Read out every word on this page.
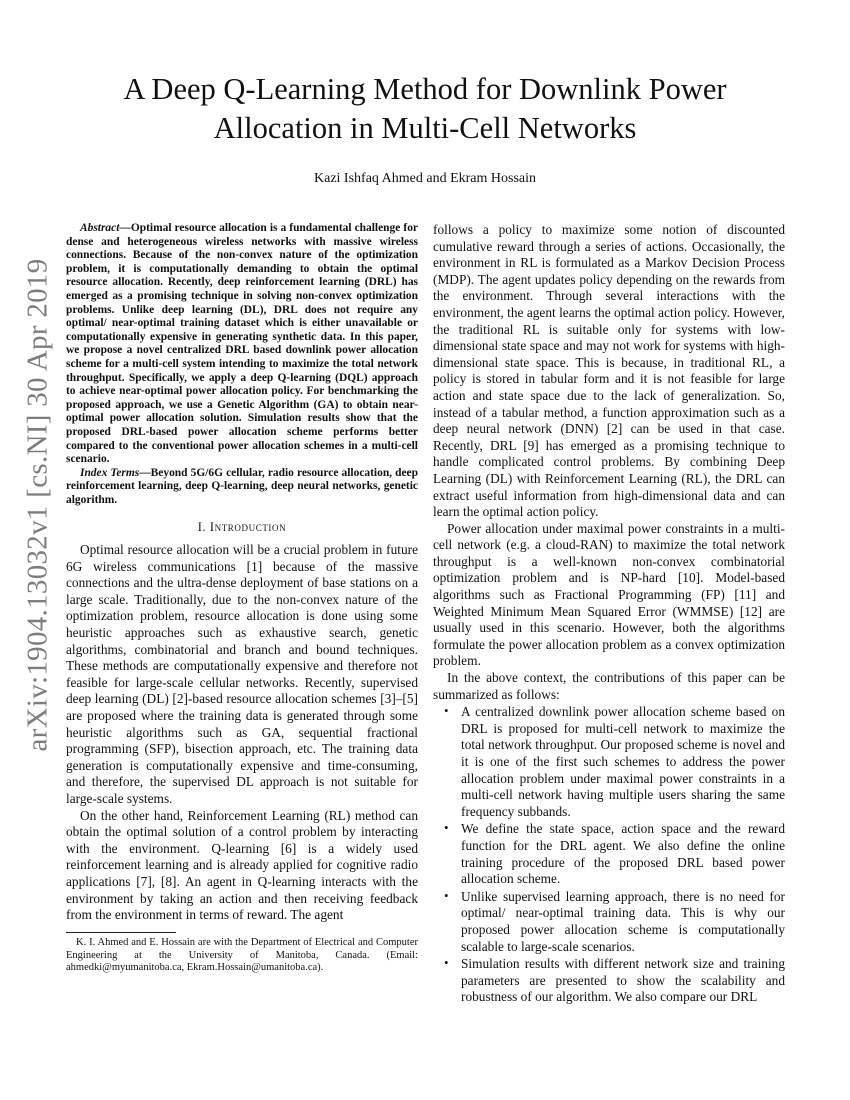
arXiv:1904.13032v1 [cs.NI] 30 Apr 2019
A Deep Q-Learning Method for Downlink Power
Allocation in Multi-Cell Networks
Kazi Ishfaq Ahmed and Ekram Hossain

Abstract—Optimal resource allocation is a fundamental challenge for dense and heterogeneous wireless networks with massive wireless connections. Because of the non-convex nature of the optimization problem, it is computationally demanding to obtain the optimal resource allocation. Recently, deep reinforcement learning (DRL) has emerged as a promising technique in solving non-convex optimization problems. Unlike deep learning (DL), DRL does not require any optimal/ near-optimal training dataset which is either unavailable or computationally expensive in generating synthetic data. In this paper, we propose a novel centralized DRL based downlink power allocation scheme for a multi-cell system intending to maximize the total network throughput. Specifically, we apply a deep Q-learning (DQL) approach to achieve near-optimal power allocation policy. For benchmarking the proposed approach, we use a Genetic Algorithm (GA) to obtain near-optimal power allocation solution. Simulation results show that the proposed DRL-based power allocation scheme performs better compared to the conventional power allocation schemes in a multi-cell scenario.

Index Terms—Beyond 5G/6G cellular, radio resource allocation, deep reinforcement learning, deep Q-learning, deep neural networks, genetic algorithm.

I. Introduction

Optimal resource allocation will be a crucial problem in future 6G wireless communications [1] because of the massive connections and the ultra-dense deployment of base stations on a large scale. Traditionally, due to the non-convex nature of the optimization problem, resource allocation is done using some heuristic approaches such as exhaustive search, genetic algorithms, combinatorial and branch and bound techniques. These methods are computationally expensive and therefore not feasible for large-scale cellular networks. Recently, supervised deep learning (DL) [2]-based resource allocation schemes [3]–[5] are proposed where the training data is generated through some heuristic algorithms such as GA, sequential fractional programming (SFP), bisection approach, etc. The training data generation is computationally expensive and time-consuming, and therefore, the supervised DL approach is not suitable for large-scale systems.

On the other hand, Reinforcement Learning (RL) method can obtain the optimal solution of a control problem by interacting with the environment. Q-learning [6] is a widely used reinforcement learning and is already applied for cognitive radio applications [7], [8]. An agent in Q-learning interacts with the environment by taking an action and then receiving feedback from the environment in terms of reward. The agent

K. I. Ahmed and E. Hossain are with the Department of Electrical and Computer Engineering at the University of Manitoba, Canada. (Email: ahmedki@myumanitoba.ca, Ekram.Hossain@umanitoba.ca).

follows a policy to maximize some notion of discounted cumulative reward through a series of actions. Occasionally, the environment in RL is formulated as a Markov Decision Process (MDP). The agent updates policy depending on the rewards from the environment. Through several interactions with the environment, the agent learns the optimal action policy. However, the traditional RL is suitable only for systems with low-dimensional state space and may not work for systems with high-dimensional state space. This is because, in traditional RL, a policy is stored in tabular form and it is not feasible for large action and state space due to the lack of generalization. So, instead of a tabular method, a function approximation such as a deep neural network (DNN) [2] can be used in that case. Recently, DRL [9] has emerged as a promising technique to handle complicated control problems. By combining Deep Learning (DL) with Reinforcement Learning (RL), the DRL can extract useful information from high-dimensional data and can learn the optimal action policy.

Power allocation under maximal power constraints in a multi-cell network (e.g. a cloud-RAN) to maximize the total network throughput is a well-known non-convex combinatorial optimization problem and is NP-hard [10]. Model-based algorithms such as Fractional Programming (FP) [11] and Weighted Minimum Mean Squared Error (WMMSE) [12] are usually used in this scenario. However, both the algorithms formulate the power allocation problem as a convex optimization problem.

In the above context, the contributions of this paper can be summarized as follows:

• A centralized downlink power allocation scheme based on DRL is proposed for multi-cell network to maximize the total network throughput. Our proposed scheme is novel and it is one of the first such schemes to address the power allocation problem under maximal power constraints in a multi-cell network having multiple users sharing the same frequency subbands.
• We define the state space, action space and the reward function for the DRL agent. We also define the online training procedure of the proposed DRL based power allocation scheme.
• Unlike supervised learning approach, there is no need for optimal/ near-optimal training data. This is why our proposed power allocation scheme is computationally scalable to large-scale scenarios.
• Simulation results with different network size and training parameters are presented to show the scalability and robustness of our algorithm. We also compare our DRL
